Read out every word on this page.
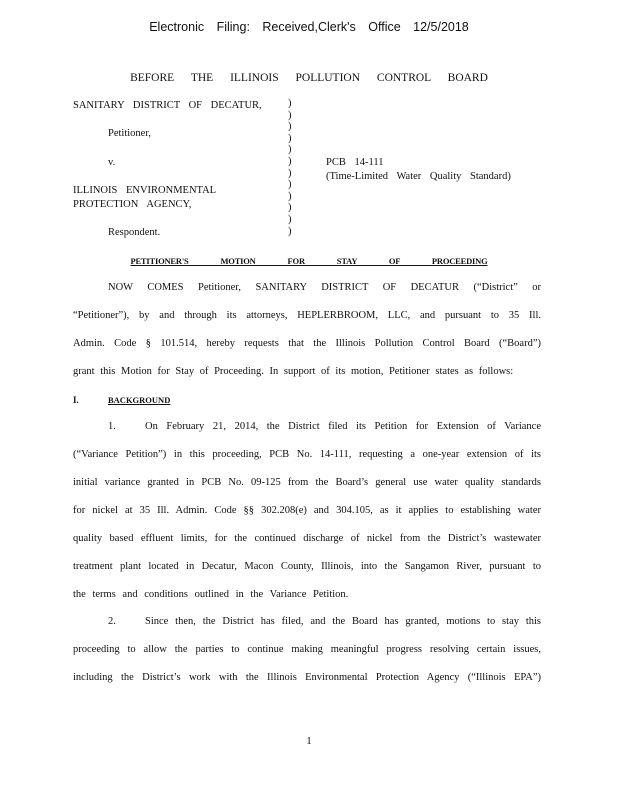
Electronic Filing: Received,Clerk's Office 12/5/2018
BEFORE THE ILLINOIS POLLUTION CONTROL BOARD
SANITARY DISTRICT OF DECATUR,
Petitioner,
v.
ILLINOIS ENVIRONMENTAL
PROTECTION AGENCY,
Respondent.
)
)
)
)
)
)
)
)
)
)
)
)
PCB 14-111
(Time-Limited Water Quality Standard)
PETITIONER'S MOTION FOR STAY OF PROCEEDING
NOW COMES Petitioner, SANITARY DISTRICT OF DECATUR (“District” or
“Petitioner”), by and through its attorneys, HEPLERBROOM, LLC, and pursuant to 35 Ill.
Admin. Code § 101.514, hereby requests that the Illinois Pollution Control Board (“Board”)
grant this Motion for Stay of Proceeding. In support of its motion, Petitioner states as follows:
I.	BACKGROUND
1.	On February 21, 2014, the District filed its Petition for Extension of Variance
(“Variance Petition”) in this proceeding, PCB No. 14-111, requesting a one-year extension of its
initial variance granted in PCB No. 09-125 from the Board’s general use water quality standards
for nickel at 35 Ill. Admin. Code §§ 302.208(e) and 304.105, as it applies to establishing water
quality based effluent limits, for the continued discharge of nickel from the District’s wastewater
treatment plant located in Decatur, Macon County, Illinois, into the Sangamon River, pursuant to
the terms and conditions outlined in the Variance Petition.
2.	Since then, the District has filed, and the Board has granted, motions to stay this
proceeding to allow the parties to continue making meaningful progress resolving certain issues,
including the District’s work with the Illinois Environmental Protection Agency (“Illinois EPA”)
1
